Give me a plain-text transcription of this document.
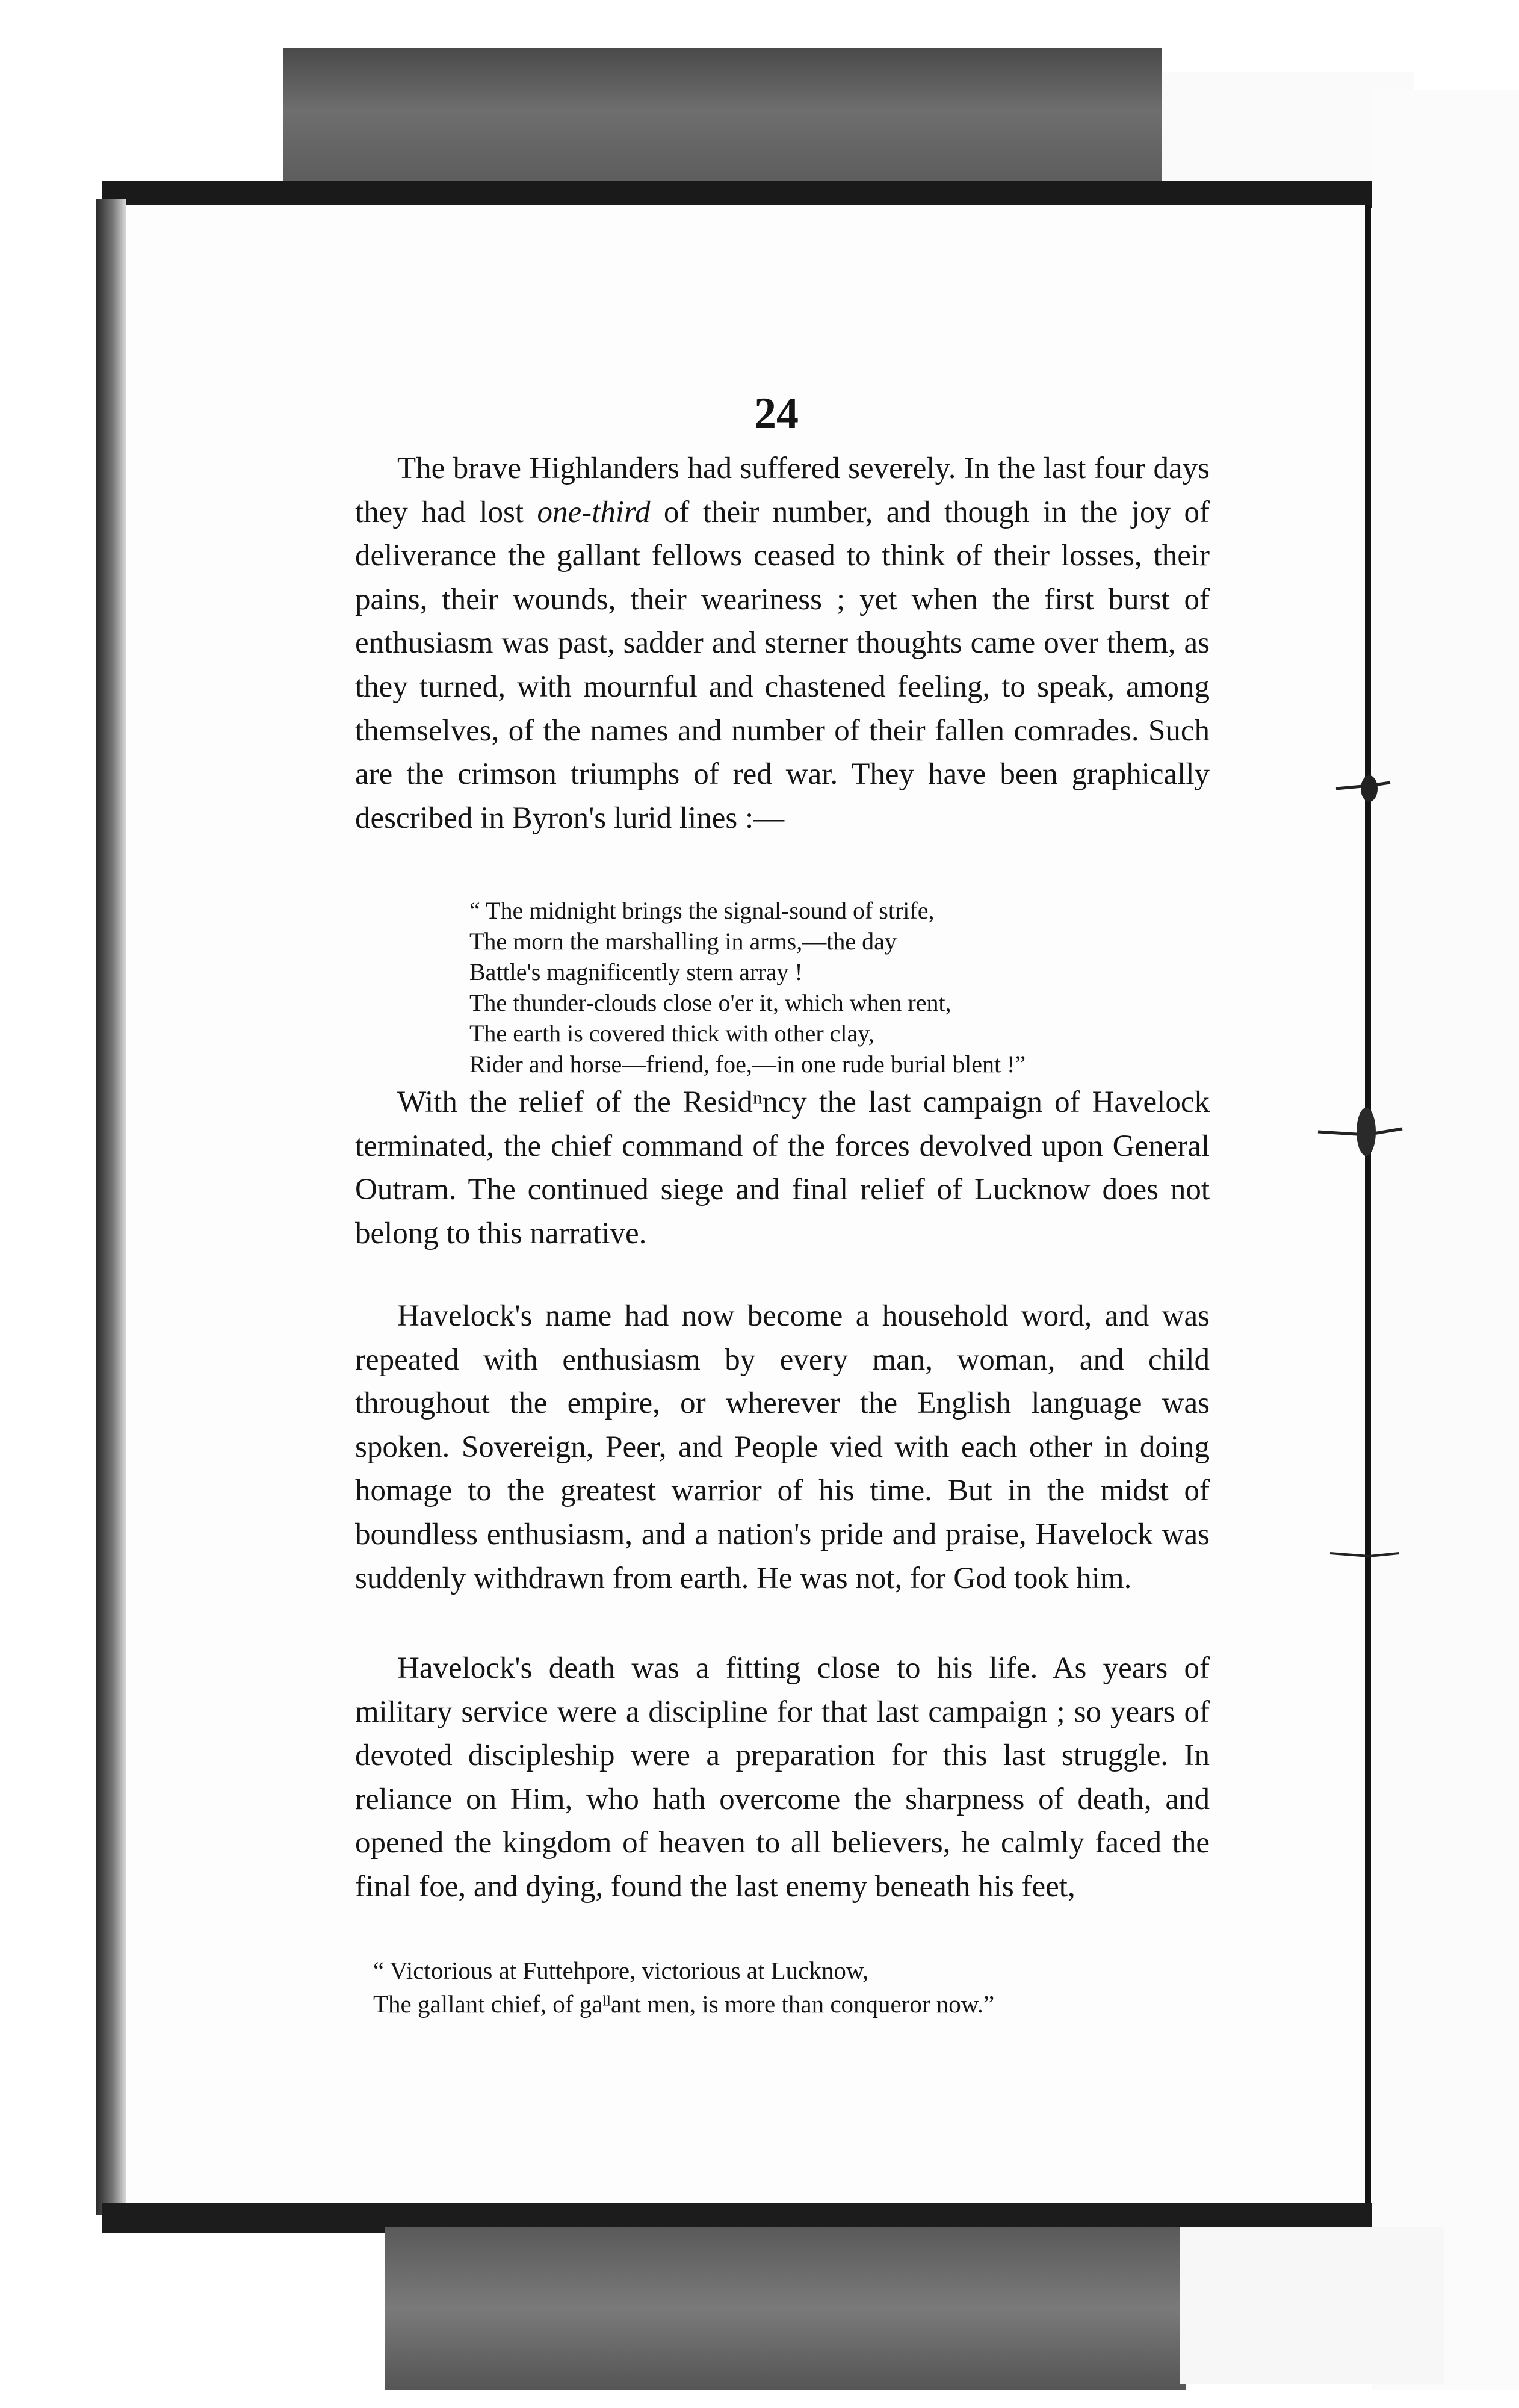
24

The brave Highlanders had suffered severely. In the last four days they had lost one-third of their number, and though in the joy of deliverance the gallant fellows ceased to think of their losses, their pains, their wounds, their weariness ; yet when the first burst of enthusiasm was past, sadder and sterner thoughts came over them, as they turned, with mournful and chastened feeling, to speak, among themselves, of the names and number of their fallen comrades. Such are the crimson triumphs of red war. They have been graphically described in Byron's lurid lines :—

“ The midnight brings the signal-sound of strife,
The morn the marshalling in arms,—the day
Battle's magnificently stern array !
The thunder-clouds close o'er it, which when rent,
The earth is covered thick with other clay,
Rider and horse—friend, foe,—in one rude burial blent !”

With the relief of the Residⁿncy the last campaign of Havelock terminated, the chief command of the forces devolved upon General Outram. The continued siege and final relief of Lucknow does not belong to this narrative.

Havelock's name had now become a household word, and was repeated with enthusiasm by every man, woman, and child throughout the empire, or wherever the English language was spoken. Sovereign, Peer, and People vied with each other in doing homage to the greatest warrior of his time. But in the midst of boundless enthusiasm, and a nation's pride and praise, Havelock was suddenly withdrawn from earth. He was not, for God took him.

Havelock's death was a fitting close to his life. As years of military service were a discipline for that last campaign ; so years of devoted discipleship were a preparation for this last struggle. In reliance on Him, who hath overcome the sharpness of death, and opened the kingdom of heaven to all believers, he calmly faced the final foe, and dying, found the last enemy beneath his feet,

“ Victorious at Futtehpore, victorious at Lucknow,
The gallant chief, of gaˡˡant men, is more than conqueror now.”
